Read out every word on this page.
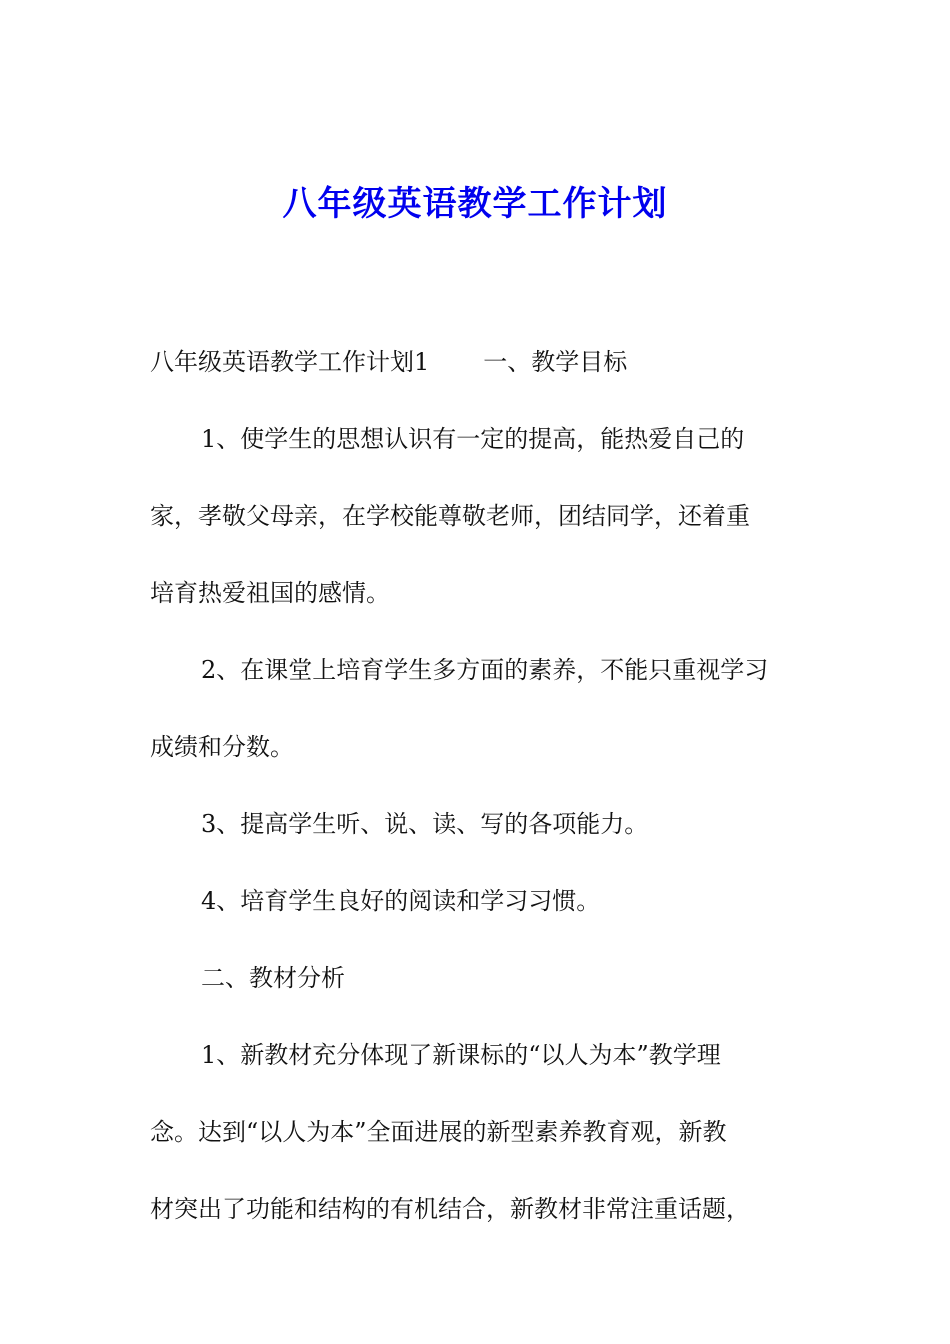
八年级英语教学工作计划

八年级英语教学工作计划1 一、教学目标

1、使学生的思想认识有一定的提高，能热爱自己的

家，孝敬父母亲，在学校能尊敬老师，团结同学，还着重

培育热爱祖国的感情。

2、在课堂上培育学生多方面的素养，不能只重视学习

成绩和分数。

3、提高学生听、说、读、写的各项能力。

4、培育学生良好的阅读和学习习惯。

二、教材分析

1、新教材充分体现了新课标的“以人为本”教学理

念。达到“以人为本”全面进展的新型素养教育观，新教

材突出了功能和结构的有机结合，新教材非常注重话题，
